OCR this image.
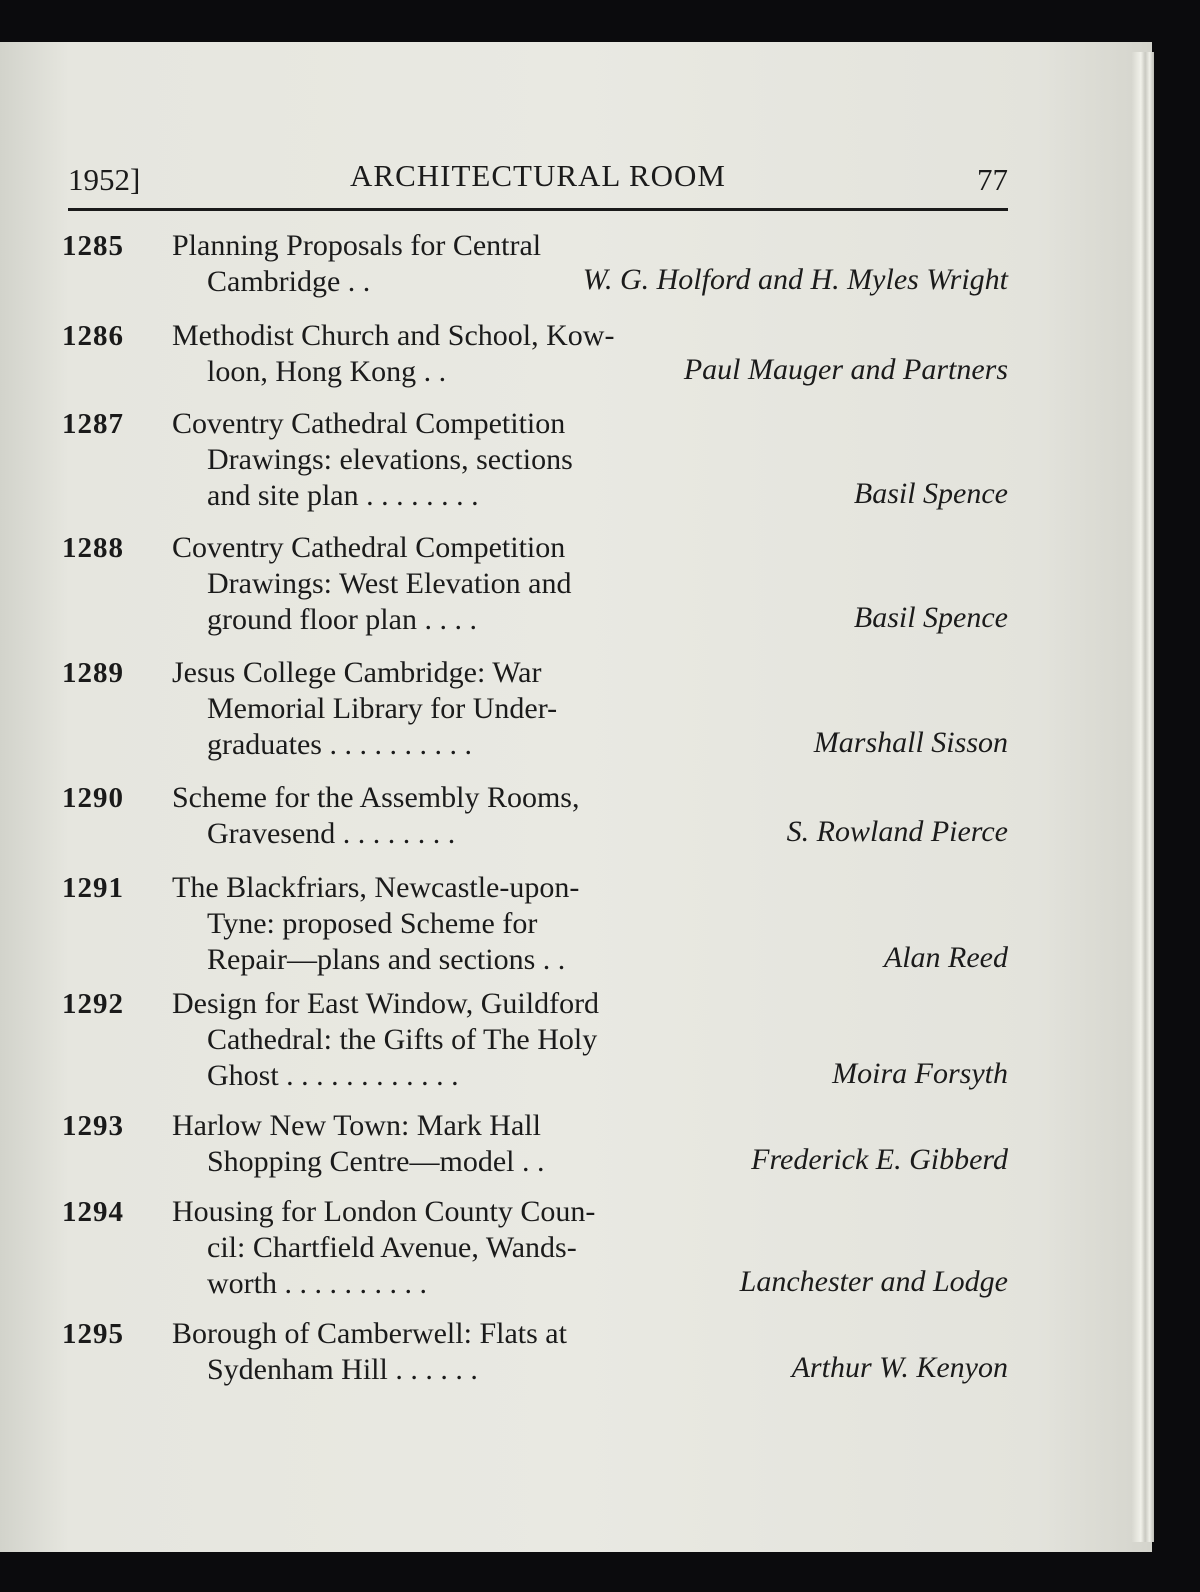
1952]	ARCHITECTURAL ROOM	77
1285	Planning Proposals for Central
Cambridge . .	W. G. Holford and H. Myles Wright
1286	Methodist Church and School, Kow-
loon, Hong Kong . .	Paul Mauger and Partners
1287	Coventry Cathedral Competition
Drawings: elevations, sections
and site plan . . . . . . . .	Basil Spence
1288	Coventry Cathedral Competition
Drawings: West Elevation and
ground floor plan . . . .	Basil Spence
1289	Jesus College Cambridge: War
Memorial Library for Under-
graduates . . . . . . . . . .	Marshall Sisson
1290	Scheme for the Assembly Rooms,
Gravesend . . . . . . . .	S. Rowland Pierce
1291	The Blackfriars, Newcastle-upon-
Tyne: proposed Scheme for
Repair—plans and sections . .	Alan Reed
1292	Design for East Window, Guildford
Cathedral: the Gifts of The Holy
Ghost . . . . . . . . . . . .	Moira Forsyth
1293	Harlow New Town: Mark Hall
Shopping Centre—model . .	Frederick E. Gibberd
1294	Housing for London County Coun-
cil: Chartfield Avenue, Wands-
worth . . . . . . . . . .	Lanchester and Lodge
1295	Borough of Camberwell: Flats at
Sydenham Hill . . . . . .	Arthur W. Kenyon
